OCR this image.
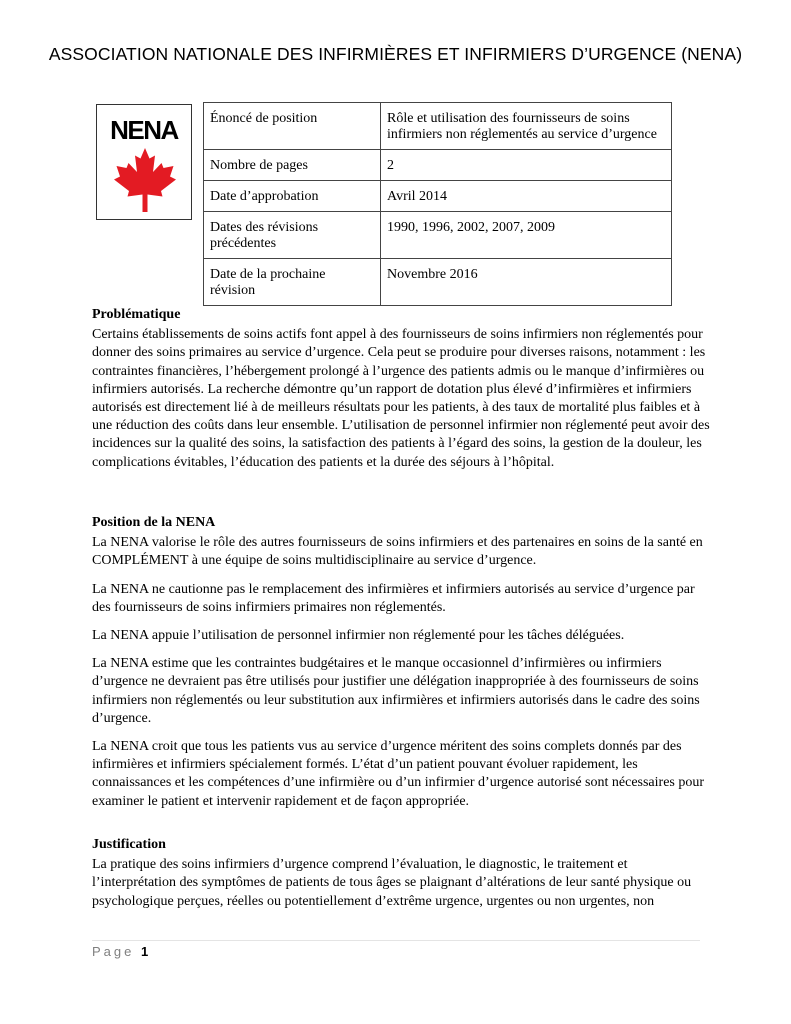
ASSOCIATION NATIONALE DES INFIRMIÈRES ET INFIRMIERS D’URGENCE (NENA)
NENA	Énoncé de position	Rôle et utilisation des fournisseurs de soins infirmiers non réglementés au service d’urgence
Nombre de pages	2
Date d’approbation	Avril 2014
Dates des révisions précédentes	1990, 1996, 2002, 2007, 2009
Date de la prochaine révision	Novembre 2016

Problématique

Certains établissements de soins actifs font appel à des fournisseurs de soins infirmiers non réglementés pour donner des soins primaires au service d’urgence. Cela peut se produire pour diverses raisons, notamment : les contraintes financières, l’hébergement prolongé à l’urgence des patients admis ou le manque d’infirmières ou infirmiers autorisés. La recherche démontre qu’un rapport de dotation plus élevé d’infirmières et infirmiers autorisés est directement lié à de meilleurs résultats pour les patients, à des taux de mortalité plus faibles et à une réduction des coûts dans leur ensemble. L’utilisation de personnel infirmier non réglementé peut avoir des incidences sur la qualité des soins, la satisfaction des patients à l’égard des soins, la gestion de la douleur, les complications évitables, l’éducation des patients et la durée des séjours à l’hôpital.

Position de la NENA

La NENA valorise le rôle des autres fournisseurs de soins infirmiers et des partenaires en soins de la santé en COMPLÉMENT à une équipe de soins multidisciplinaire au service d’urgence.

La NENA ne cautionne pas le remplacement des infirmières et infirmiers autorisés au service d’urgence par des fournisseurs de soins infirmiers primaires non réglementés.

La NENA appuie l’utilisation de personnel infirmier non réglementé pour les tâches déléguées.

La NENA estime que les contraintes budgétaires et le manque occasionnel d’infirmières ou infirmiers d’urgence ne devraient pas être utilisés pour justifier une délégation inappropriée à des fournisseurs de soins infirmiers non réglementés ou leur substitution aux infirmières et infirmiers autorisés dans le cadre des soins d’urgence.

La NENA croit que tous les patients vus au service d’urgence méritent des soins complets donnés par des infirmières et infirmiers spécialement formés. L’état d’un patient pouvant évoluer rapidement, les connaissances et les compétences d’une infirmière ou d’un infirmier d’urgence autorisé sont nécessaires pour examiner le patient et intervenir rapidement et de façon appropriée.

Justification

La pratique des soins infirmiers d’urgence comprend l’évaluation, le diagnostic, le traitement et l’interprétation des symptômes de patients de tous âges se plaignant d’altérations de leur santé physique ou psychologique perçues, réelles ou potentiellement d’extrême urgence, urgentes ou non urgentes, non

Page 1
